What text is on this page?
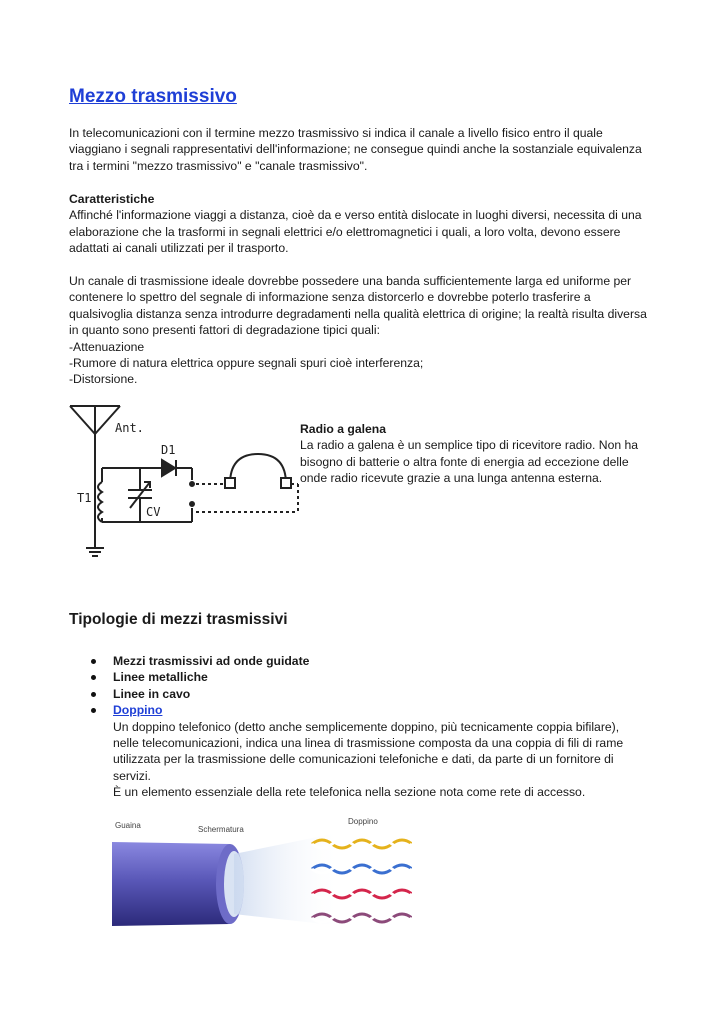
Mezzo trasmissivo

In telecomunicazioni con il termine mezzo trasmissivo si indica il canale a livello fisico entro il quale
viaggiano i segnali rappresentativi dell'informazione; ne consegue quindi anche la sostanziale equivalenza
tra i termini "mezzo trasmissivo" e "canale trasmissivo".

Caratteristiche
Affinché l'informazione viaggi a distanza, cioè da e verso entità dislocate in luoghi diversi, necessita di una
elaborazione che la trasformi in segnali elettrici e/o elettromagnetici i quali, a loro volta, devono essere
adattati ai canali utilizzati per il trasporto.

Un canale di trasmissione ideale dovrebbe possedere una banda sufficientemente larga ed uniforme per
contenere lo spettro del segnale di informazione senza distorcerlo e dovrebbe poterlo trasferire a
qualsivoglia distanza senza introdurre degradamenti nella qualità elettrica di origine; la realtà risulta diversa
in quanto sono presenti fattori di degradazione tipici quali:
-Attenuazione
-Rumore di natura elettrica oppure segnali spuri cioè interferenza;
-Distorsione.

Ant.
D1
T1
CV
Radio a galena
La radio a galena è un semplice tipo di ricevitore radio. Non ha
bisogno di batterie o altra fonte di energia ad eccezione delle
onde radio ricevute grazie a una lunga antenna esterna.
Tipologie di mezzi trasmissivi
Mezzi trasmissivi ad onde guidate
Linee metalliche
Linee in cavo
Doppino
Un doppino telefonico (detto anche semplicemente doppino, più tecnicamente coppia bifilare),
nelle telecomunicazioni, indica una linea di trasmissione composta da una coppia di fili di rame
utilizzata per la trasmissione delle comunicazioni telefoniche e dati, da parte di un fornitore di
servizi.
È un elemento essenziale della rete telefonica nella sezione nota come rete di accesso.
Guaina	Schermatura
Doppino
